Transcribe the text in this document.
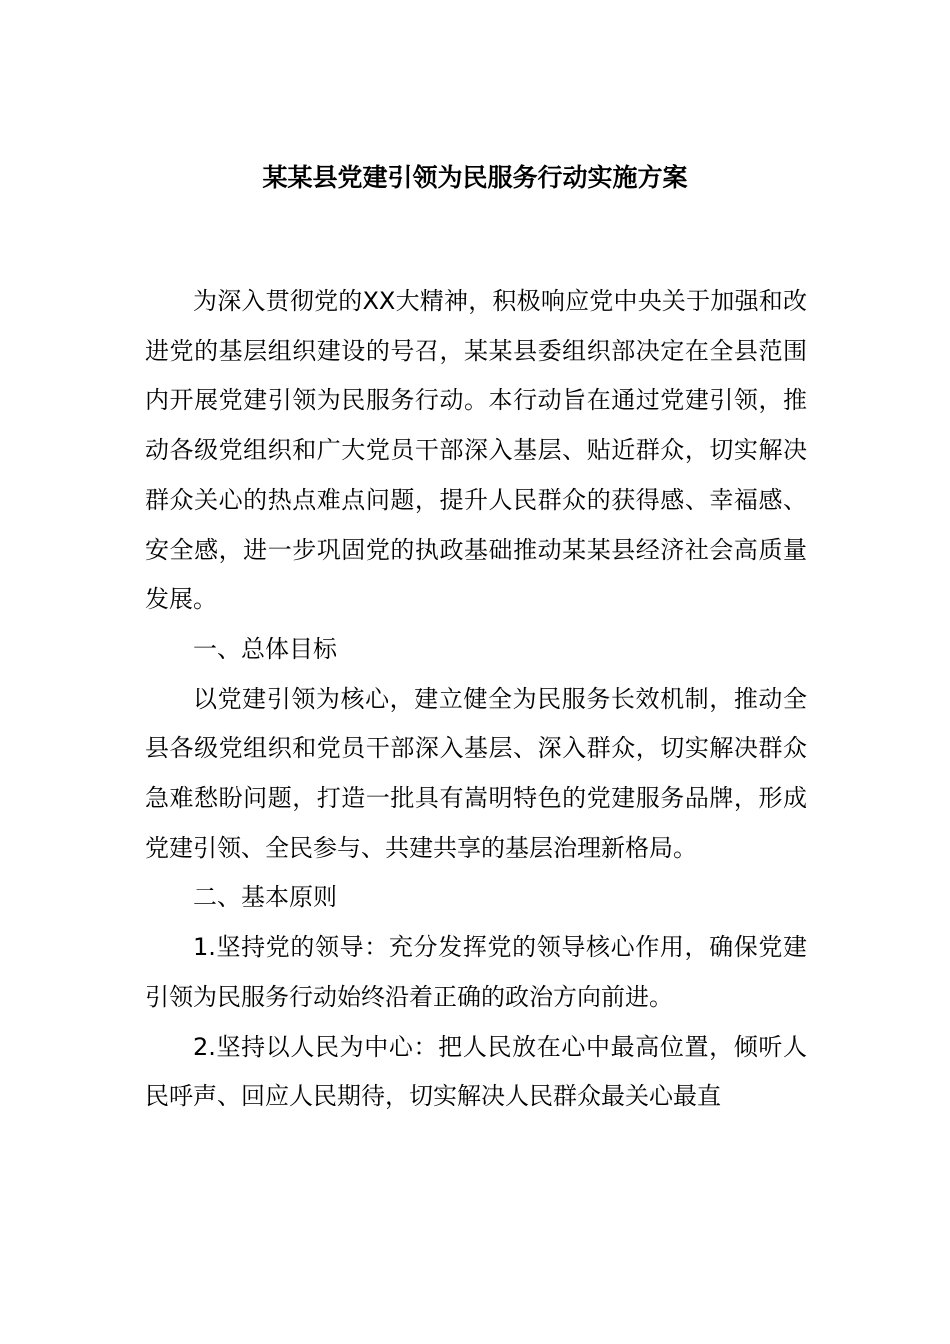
某某县党建引领为民服务行动实施方案

为深入贯彻党的XX大精神，积极响应党中央关于加强和改进党的基层组织建设的号召，某某县委组织部决定在全县范围内开展党建引领为民服务行动。本行动旨在通过党建引领，推动各级党组织和广大党员干部深入基层、贴近群众，切实解决群众关心的热点难点问题，提升人民群众的获得感、幸福感、安全感，进一步巩固党的执政基础推动某某县经济社会高质量发展。

一、总体目标

以党建引领为核心，建立健全为民服务长效机制，推动全县各级党组织和党员干部深入基层、深入群众，切实解决群众急难愁盼问题，打造一批具有嵩明特色的党建服务品牌，形成党建引领、全民参与、共建共享的基层治理新格局。

二、基本原则

1.坚持党的领导：充分发挥党的领导核心作用，确保党建引领为民服务行动始终沿着正确的政治方向前进。

2.坚持以人民为中心：把人民放在心中最高位置，倾听人民呼声、回应人民期待，切实解决人民群众最关心最直
